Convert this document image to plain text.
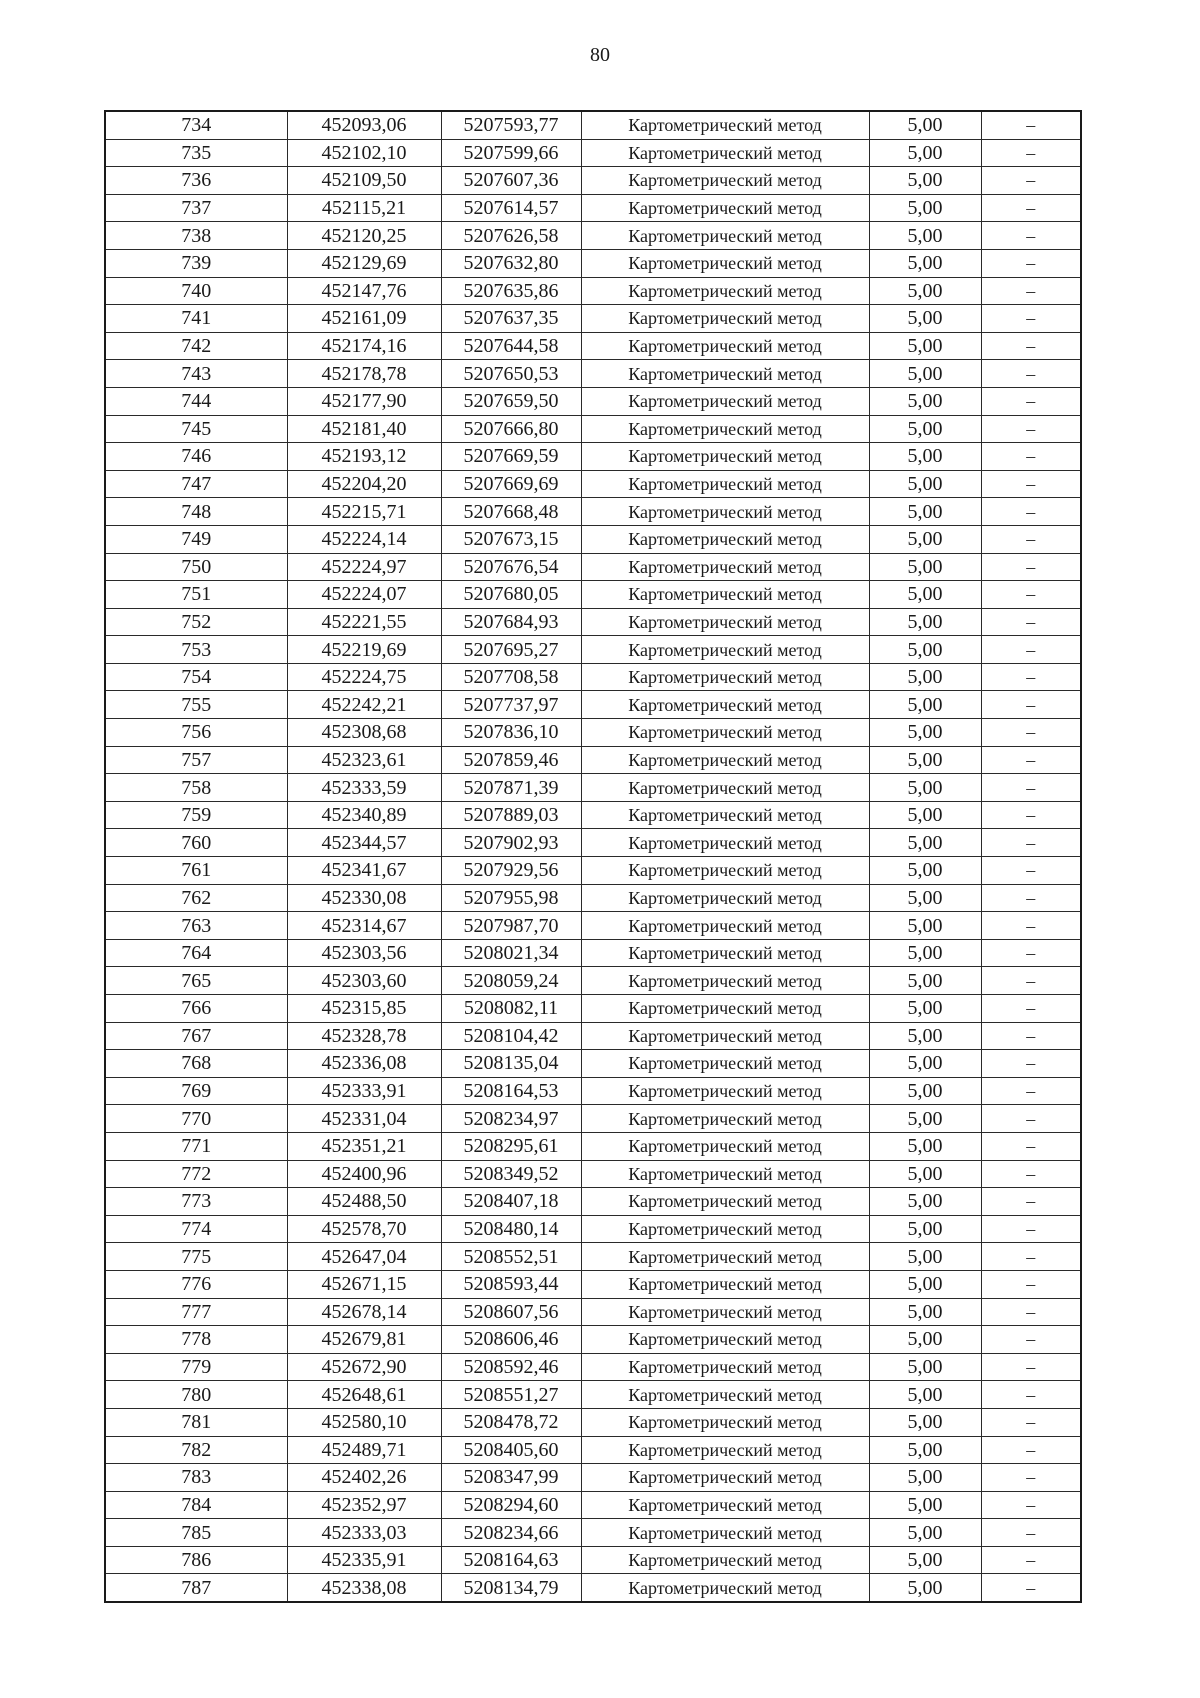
80
734	452093,06	5207593,77	Картометрический метод	5,00	–
735	452102,10	5207599,66	Картометрический метод	5,00	–
736	452109,50	5207607,36	Картометрический метод	5,00	–
737	452115,21	5207614,57	Картометрический метод	5,00	–
738	452120,25	5207626,58	Картометрический метод	5,00	–
739	452129,69	5207632,80	Картометрический метод	5,00	–
740	452147,76	5207635,86	Картометрический метод	5,00	–
741	452161,09	5207637,35	Картометрический метод	5,00	–
742	452174,16	5207644,58	Картометрический метод	5,00	–
743	452178,78	5207650,53	Картометрический метод	5,00	–
744	452177,90	5207659,50	Картометрический метод	5,00	–
745	452181,40	5207666,80	Картометрический метод	5,00	–
746	452193,12	5207669,59	Картометрический метод	5,00	–
747	452204,20	5207669,69	Картометрический метод	5,00	–
748	452215,71	5207668,48	Картометрический метод	5,00	–
749	452224,14	5207673,15	Картометрический метод	5,00	–
750	452224,97	5207676,54	Картометрический метод	5,00	–
751	452224,07	5207680,05	Картометрический метод	5,00	–
752	452221,55	5207684,93	Картометрический метод	5,00	–
753	452219,69	5207695,27	Картометрический метод	5,00	–
754	452224,75	5207708,58	Картометрический метод	5,00	–
755	452242,21	5207737,97	Картометрический метод	5,00	–
756	452308,68	5207836,10	Картометрический метод	5,00	–
757	452323,61	5207859,46	Картометрический метод	5,00	–
758	452333,59	5207871,39	Картометрический метод	5,00	–
759	452340,89	5207889,03	Картометрический метод	5,00	–
760	452344,57	5207902,93	Картометрический метод	5,00	–
761	452341,67	5207929,56	Картометрический метод	5,00	–
762	452330,08	5207955,98	Картометрический метод	5,00	–
763	452314,67	5207987,70	Картометрический метод	5,00	–
764	452303,56	5208021,34	Картометрический метод	5,00	–
765	452303,60	5208059,24	Картометрический метод	5,00	–
766	452315,85	5208082,11	Картометрический метод	5,00	–
767	452328,78	5208104,42	Картометрический метод	5,00	–
768	452336,08	5208135,04	Картометрический метод	5,00	–
769	452333,91	5208164,53	Картометрический метод	5,00	–
770	452331,04	5208234,97	Картометрический метод	5,00	–
771	452351,21	5208295,61	Картометрический метод	5,00	–
772	452400,96	5208349,52	Картометрический метод	5,00	–
773	452488,50	5208407,18	Картометрический метод	5,00	–
774	452578,70	5208480,14	Картометрический метод	5,00	–
775	452647,04	5208552,51	Картометрический метод	5,00	–
776	452671,15	5208593,44	Картометрический метод	5,00	–
777	452678,14	5208607,56	Картометрический метод	5,00	–
778	452679,81	5208606,46	Картометрический метод	5,00	–
779	452672,90	5208592,46	Картометрический метод	5,00	–
780	452648,61	5208551,27	Картометрический метод	5,00	–
781	452580,10	5208478,72	Картометрический метод	5,00	–
782	452489,71	5208405,60	Картометрический метод	5,00	–
783	452402,26	5208347,99	Картометрический метод	5,00	–
784	452352,97	5208294,60	Картометрический метод	5,00	–
785	452333,03	5208234,66	Картометрический метод	5,00	–
786	452335,91	5208164,63	Картометрический метод	5,00	–
787	452338,08	5208134,79	Картометрический метод	5,00	–
